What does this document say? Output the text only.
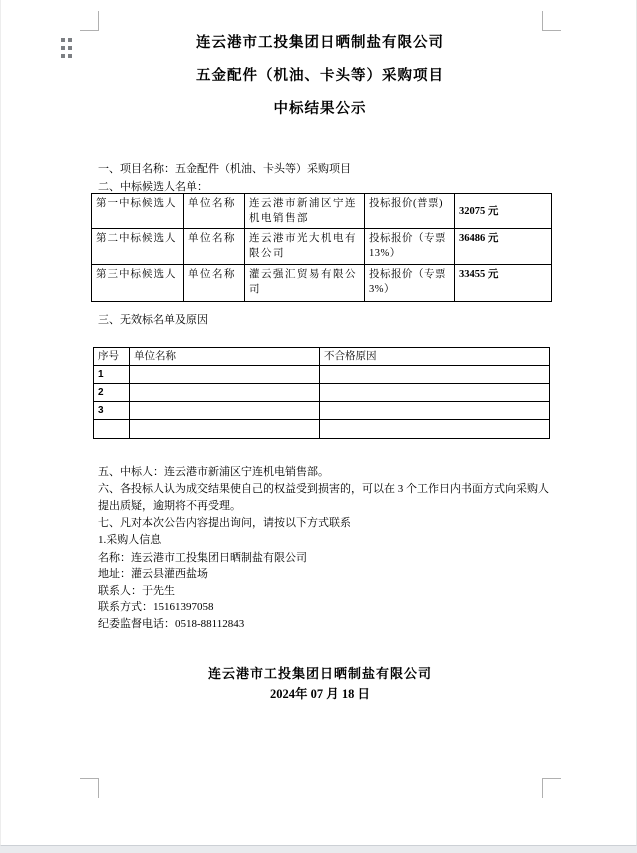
连云港市工投集团日晒制盐有限公司
五金配件（机油、卡头等）采购项目
中标结果公示
一、项目名称：五金配件（机油、卡头等）采购项目
二、中标候选人名单：
第一中标候选人	单位名称	连云港市新浦区宁连机电销售部	投标报价(普票)	32075 元
第二中标候选人	单位名称	连云港市光大机电有限公司	投标报价（专票13%）	36486 元
第三中标候选人	单位名称	灌云强汇贸易有限公司	投标报价（专票3%）	33455 元
三、无效标名单及原因
序号	单位名称	不合格原因
1		
2		
3		

五、中标人：连云港市新浦区宁连机电销售部。
六、各投标人认为成交结果使自己的权益受到损害的，可以在 3 个工作日内书面方式向采购人提出质疑，逾期将不再受理。
七、凡对本次公告内容提出询问，请按以下方式联系
1.采购人信息
名称：连云港市工投集团日晒制盐有限公司
地址：灌云县灌西盐场
联系人：于先生
联系方式：15161397058
纪委监督电话：0518-88112843
连云港市工投集团日晒制盐有限公司
2024年 07 月 18 日
